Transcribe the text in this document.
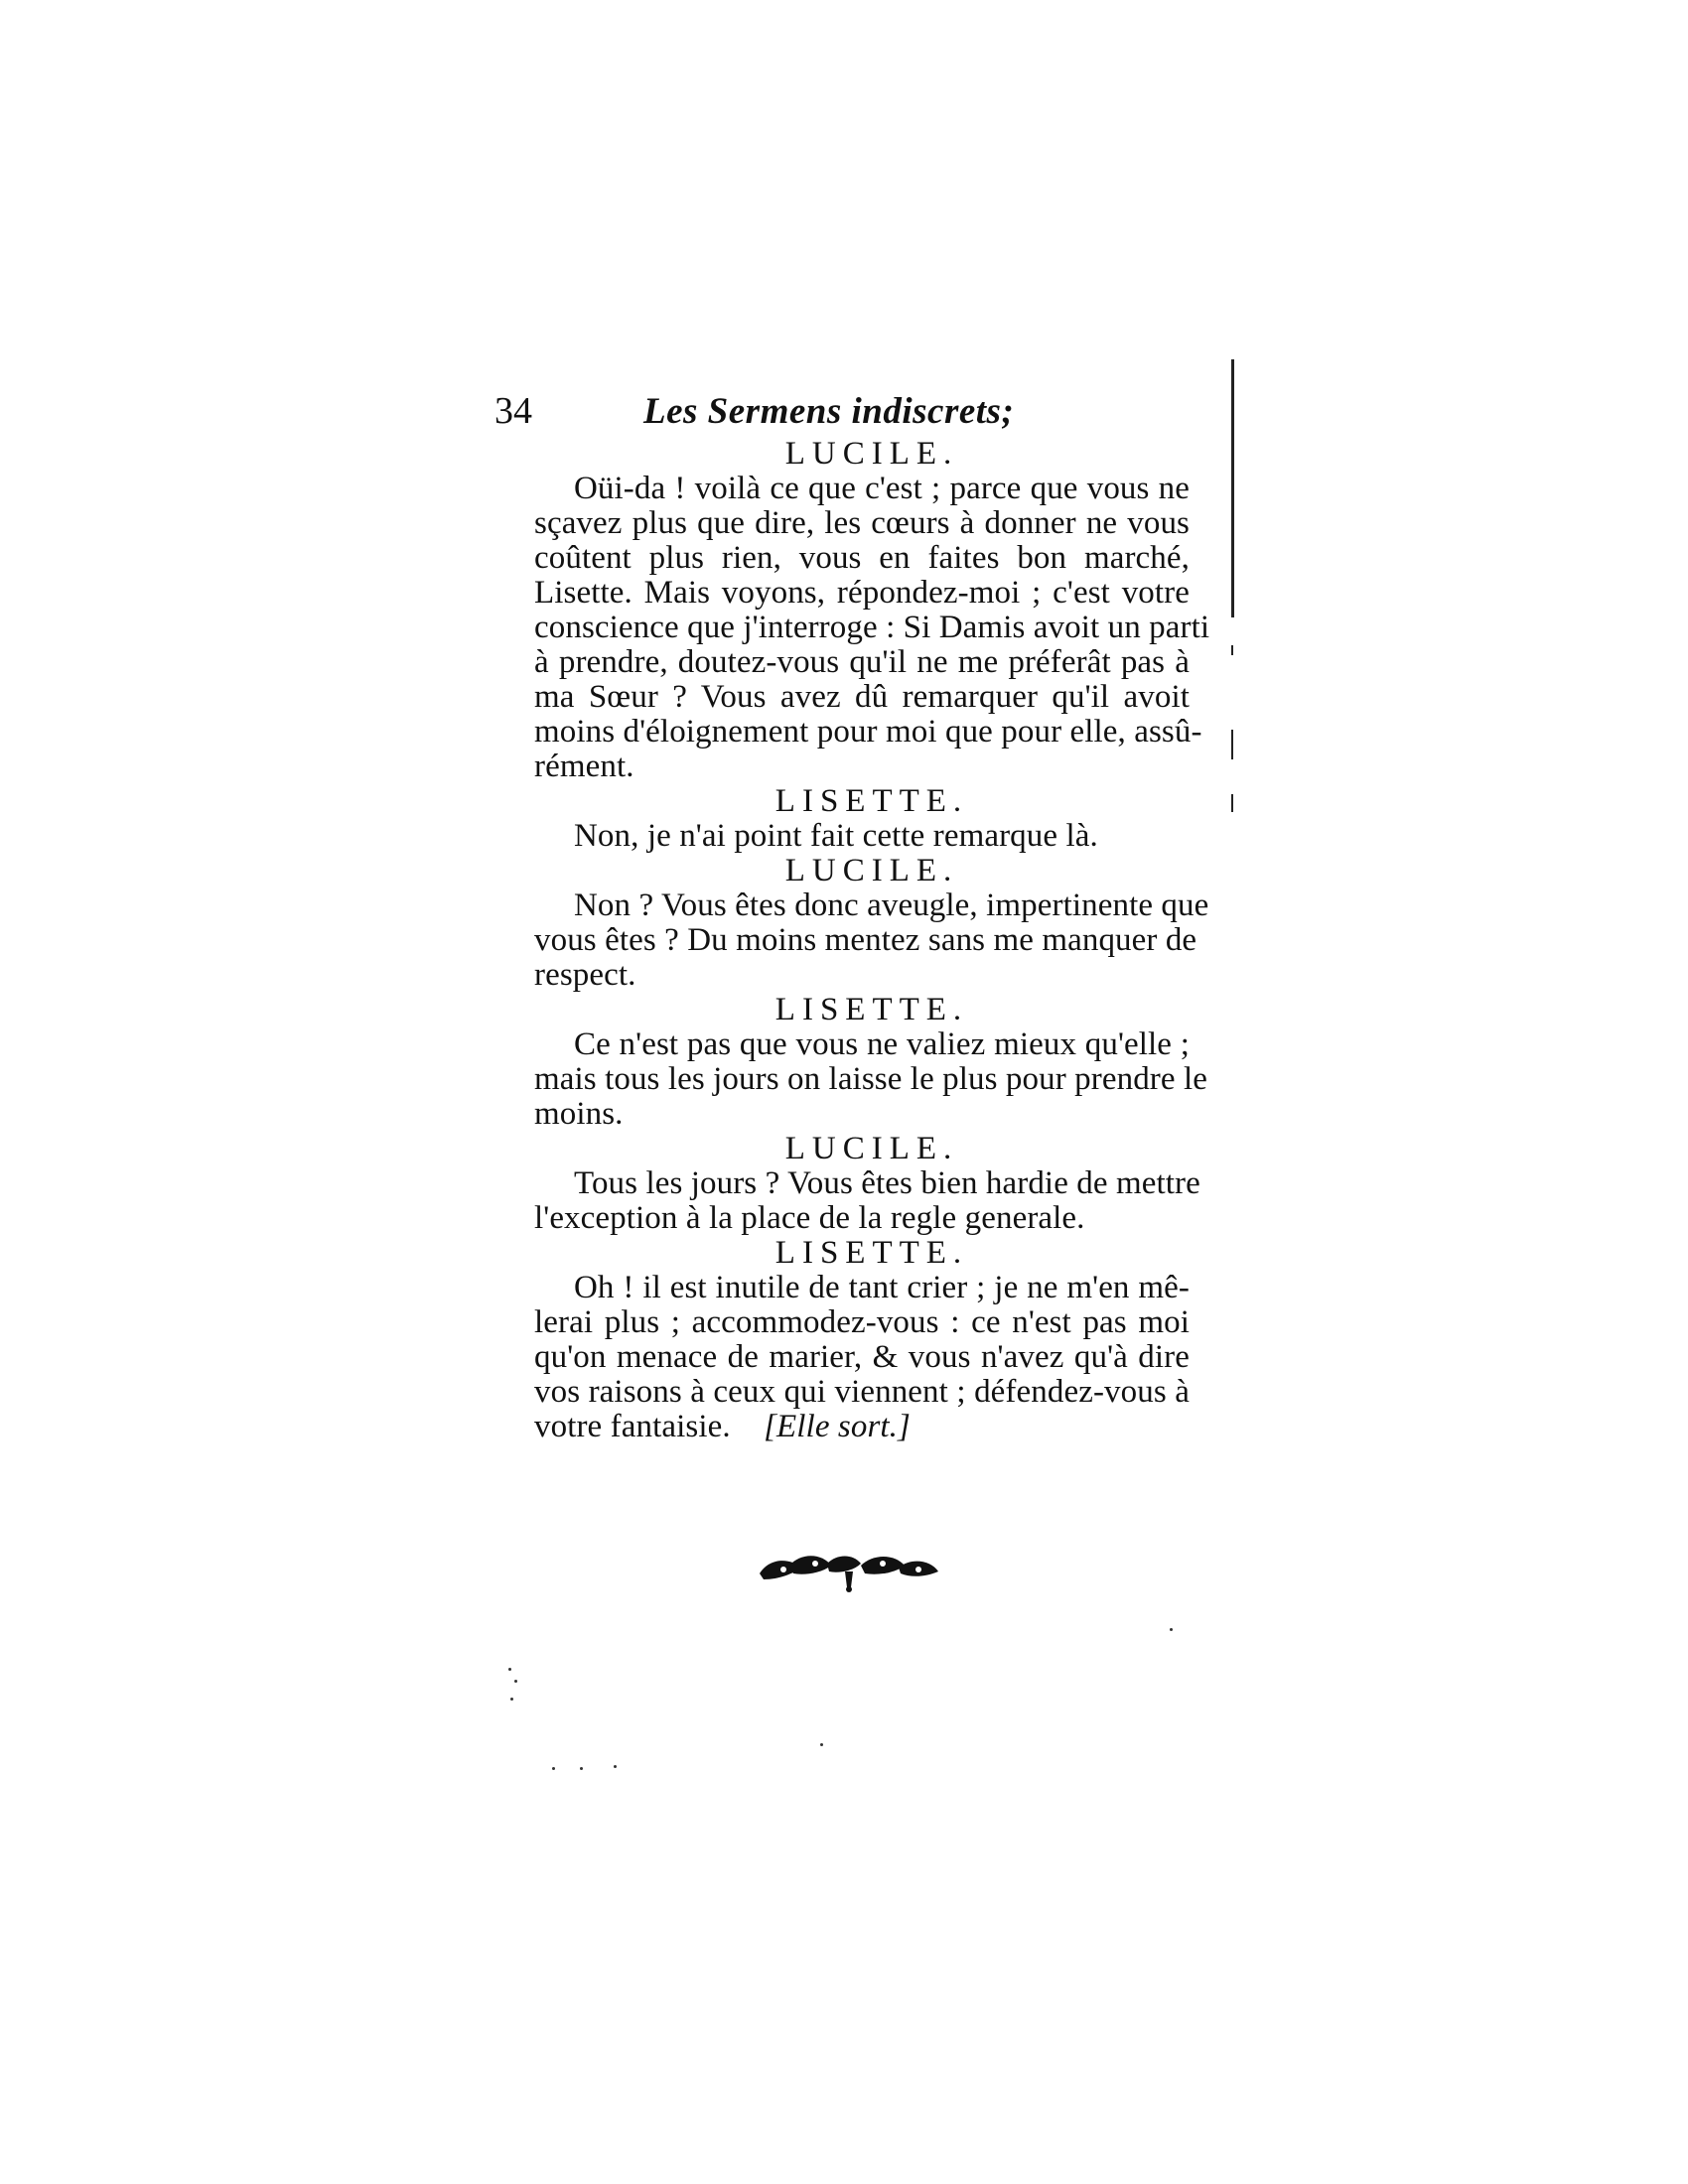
34	Les Sermens indiscrets;
LUCILE.
Oüi-da ! voilà ce que c'est ; parce que vous ne
sçavez plus que dire, les cœurs à donner ne vous
coûtent plus rien, vous en faites bon marché,
Lisette. Mais voyons, répondez-moi ; c'est votre
conscience que j'interroge : Si Damis avoit un parti
à prendre, doutez-vous qu'il ne me préferât pas à
ma Sœur ? Vous avez dû remarquer qu'il avoit
moins d'éloignement pour moi que pour elle, assû-
rément.
LISETTE.
Non, je n'ai point fait cette remarque là.
LUCILE.
Non ? Vous êtes donc aveugle, impertinente que
vous êtes ? Du moins mentez sans me manquer de
respect.
LISETTE.
Ce n'est pas que vous ne valiez mieux qu'elle ;
mais tous les jours on laisse le plus pour prendre le
moins.
LUCILE.
Tous les jours ? Vous êtes bien hardie de mettre
l'exception à la place de la regle generale.
LISETTE.
Oh ! il est inutile de tant crier ; je ne m'en mê-
lerai plus ; accommodez-vous : ce n'est pas moi
qu'on menace de marier, & vous n'avez qu'à dire
vos raisons à ceux qui viennent ; défendez-vous à
votre fantaisie. [Elle sort.]
